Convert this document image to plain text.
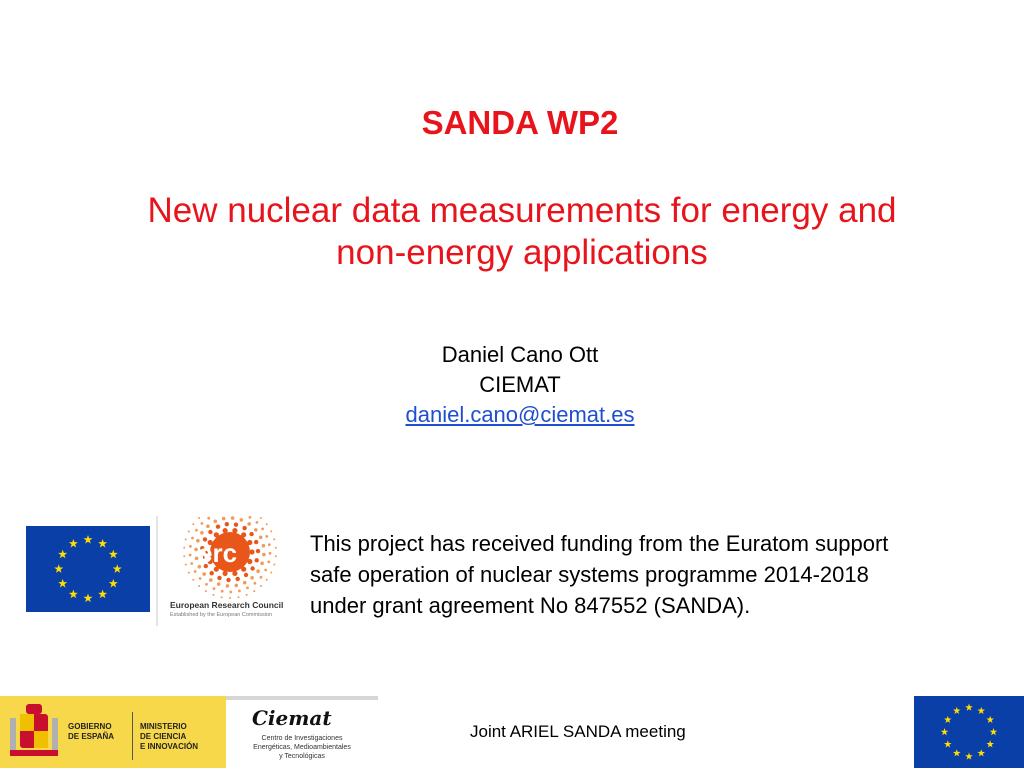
SANDA WP2
New nuclear data measurements for energy and
non-energy applications
Daniel Cano Ott
CIEMAT
daniel.cano@ciemat.es
erc
European Research Council
Established by the European Commission
This project has received funding from the Euratom support
safe operation of nuclear systems programme 2014-2018
under grant agreement No 847552 (SANDA).
GOBIERNO
DE ESPAÑA
MINISTERIO
DE CIENCIA
E INNOVACIÓN
Ciemat
Centro de Investigaciones
Energéticas, Medioambientales
y Tecnológicas
Joint ARIEL SANDA meeting
